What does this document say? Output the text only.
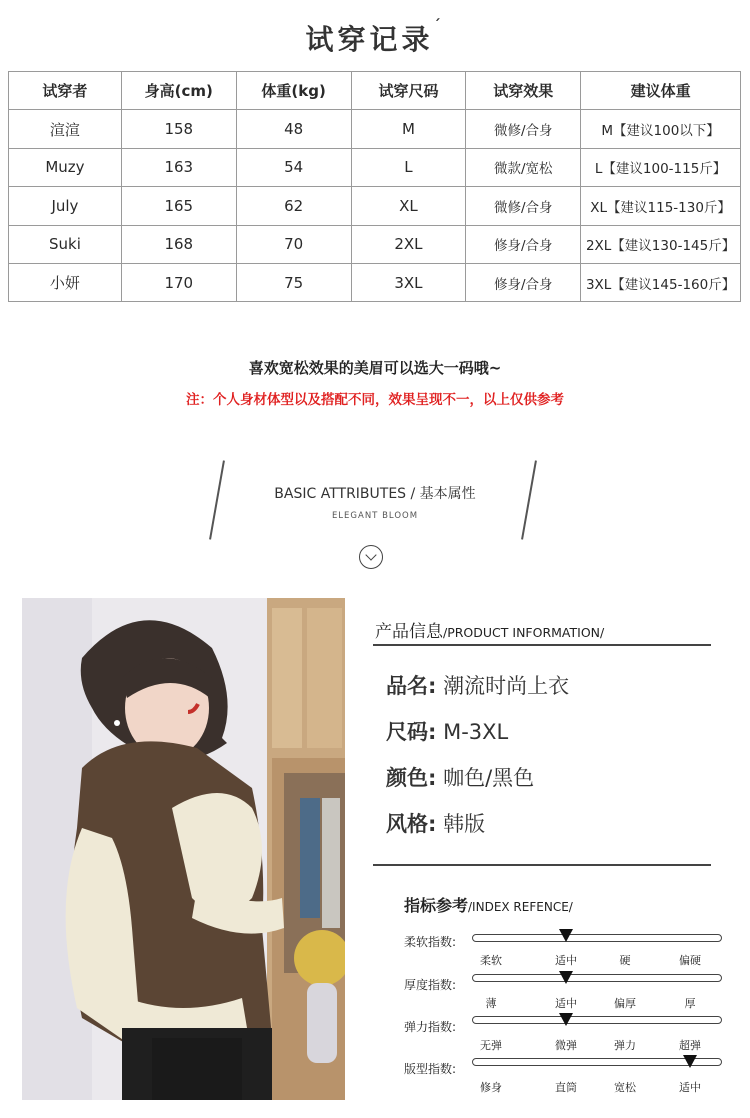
试穿记录$^ˊ$
试穿者	身高(cm)	体重(kg)	试穿尺码	试穿效果	建议体重
渲渲	158	48	M	微修/合身	M【建议100以下】
Muzy	163	54	L	微款/宽松	L【建议100-115斤】
July	165	62	XL	微修/合身	XL【建议115-130斤】
Suki	168	70	2XL	修身/合身	2XL【建议130-145斤】
小妍	170	75	3XL	修身/合身	3XL【建议145-160斤】
喜欢宽松效果的美眉可以选大一码哦~
注：个人身材体型以及搭配不同，效果呈现不一，以上仅供参考
BASIC ATTRIBUTES / 基本属性
ELEGANT BLOOM
产品信息/PRODUCT INFORMATION/
品名: 潮流时尚上衣
尺码: M-3XL
颜色: 咖色/黑色
风格: 韩版
指标参考/INDEX REFENCE/
柔软指数:
柔软	适中	硬	偏硬
厚度指数:
薄	适中	偏厚	厚
弹力指数:
无弹	微弹	弹力	超弹
版型指数:
修身	直筒	宽松	适中
